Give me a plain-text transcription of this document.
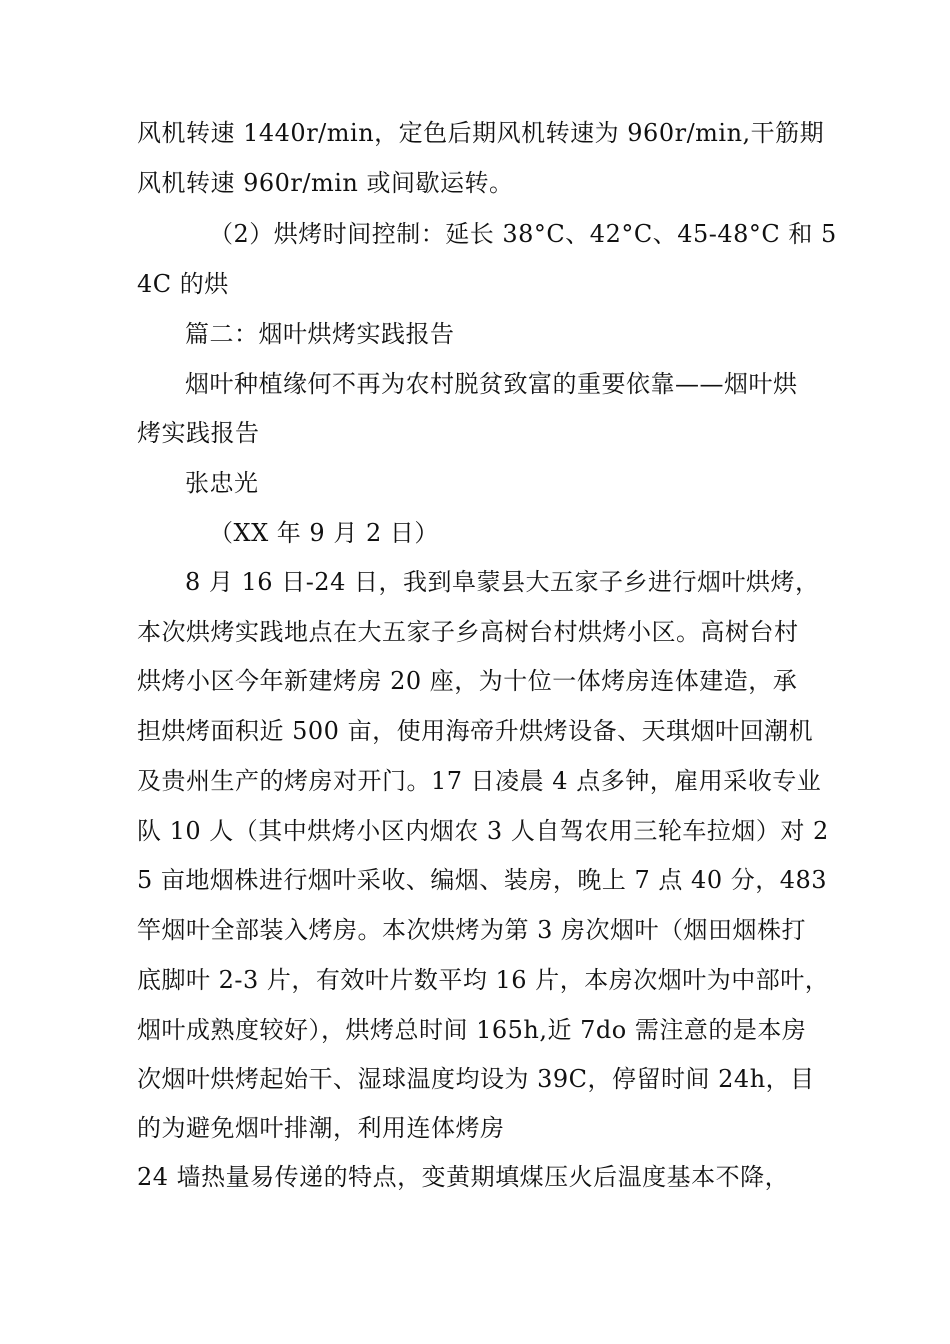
风机转速 1440r/min，定色后期风机转速为 960r/min,干筋期
风机转速 960r/min 或间歇运转。
（2）烘烤时间控制：延长 38°C、42°C、45-48°C 和 5
4C 的烘
篇二：烟叶烘烤实践报告
烟叶种植缘何不再为农村脱贫致富的重要依靠——烟叶烘
烤实践报告
张忠光
（XX 年 9 月 2 日）
8 月 16 日-24 日，我到阜蒙县大五家子乡进行烟叶烘烤，
本次烘烤实践地点在大五家子乡高树台村烘烤小区。高树台村
烘烤小区今年新建烤房 20 座，为十位一体烤房连体建造，承
担烘烤面积近 500 亩，使用海帝升烘烤设备、天琪烟叶回潮机
及贵州生产的烤房对开门。17 日凌晨 4 点多钟，雇用采收专业
队 10 人（其中烘烤小区内烟农 3 人自驾农用三轮车拉烟）对 2
5 亩地烟株进行烟叶采收、编烟、装房，晚上 7 点 40 分，483
竿烟叶全部装入烤房。本次烘烤为第 3 房次烟叶（烟田烟株打
底脚叶 2-3 片，有效叶片数平均 16 片，本房次烟叶为中部叶，
烟叶成熟度较好），烘烤总时间 165h,近 7do 需注意的是本房
次烟叶烘烤起始干、湿球温度均设为 39C，停留时间 24h，目
的为避免烟叶排潮，利用连体烤房
24 墙热量易传递的特点，变黄期填煤压火后温度基本不降，
